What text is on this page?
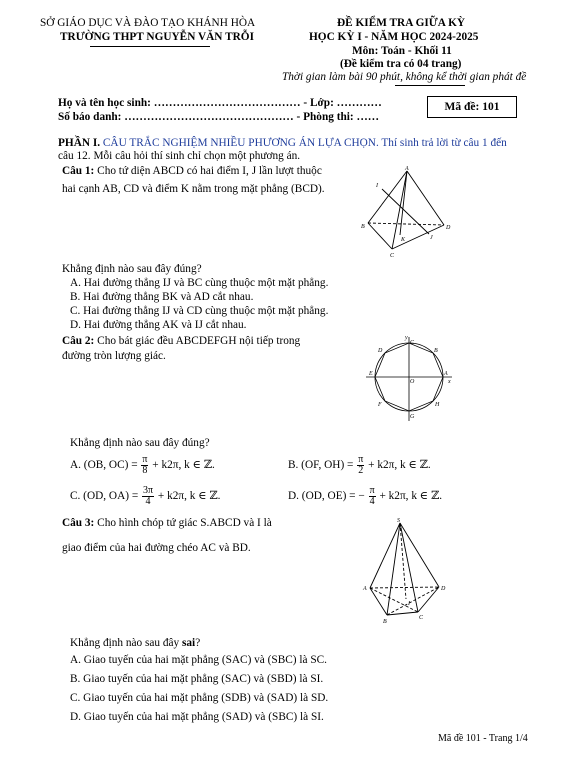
SỞ GIÁO DỤC VÀ ĐÀO TẠO KHÁNH HÒA
TRƯỜNG THPT NGUYỄN VĂN TRỖI
ĐỀ KIỂM TRA GIỮA KỲ
HỌC KỲ I - NĂM HỌC 2024-2025
Môn: Toán - Khối 11
(Đề kiểm tra có 04 trang)
Thời gian làm bài 90 phút, không kể thời gian phát đề
Họ và tên học sinh: ………………………………… - Lớp: …………
Số báo danh: ……………………………………… - Phòng thi: ……
Mã đề: 101
PHẦN I. CÂU TRẮC NGHIỆM NHIỀU PHƯƠNG ÁN LỰA CHỌN. Thí sinh trả lời từ câu 1 đến
câu 12. Mỗi câu hỏi thí sinh chỉ chọn một phương án.
Câu 1: Cho tứ diện ABCD có hai điểm I, J lần lượt thuộc
hai cạnh AB, CD và điểm K nằm trong mặt phẳng (BCD).
A
I
B
K	J
D
C
Khẳng định nào sau đây đúng?
A. Hai đường thẳng IJ và BC cùng thuộc một mặt phẳng.
B. Hai đường thẳng BK và AD cắt nhau.
C. Hai đường thẳng IJ và CD cùng thuộc một mặt phẳng.
D. Hai đường thẳng AK và IJ cắt nhau.
Câu 2: Cho bát giác đều ABCDEFGH nội tiếp trong
đường tròn lượng giác.
y
C
B
D
A
E
O	x
H
F
G
Khẳng định nào sau đây đúng?
A. (OB, $OC) = \frac{\pi}{8} + k2\pi$, k ∈ ℤ.	B. (OF, $OH) = \frac{\pi}{2} + k2\pi$, k ∈ ℤ.
C. (OD, $OA) = \frac{3\pi}{4} + k2\pi$, k ∈ ℤ.	D. (OD, OE) = − $\frac{\pi}{4} + k2\pi$, k ∈ ℤ.
Câu 3: Cho hình chóp tứ giác S.ABCD và I là
giao điểm của hai đường chéo AC và BD.
S
A	D
I
B
C
Khẳng định nào sau đây sai?
A. Giao tuyến của hai mặt phẳng (SAC) và (SBC) là SC.
B. Giao tuyến của hai mặt phẳng (SAC) và (SBD) là SI.
C. Giao tuyến của hai mặt phẳng (SDB) và (SAD) là SD.
D. Giao tuyến của hai mặt phẳng (SAD) và (SBC) là SI.
Mã đề 101 - Trang 1/4
